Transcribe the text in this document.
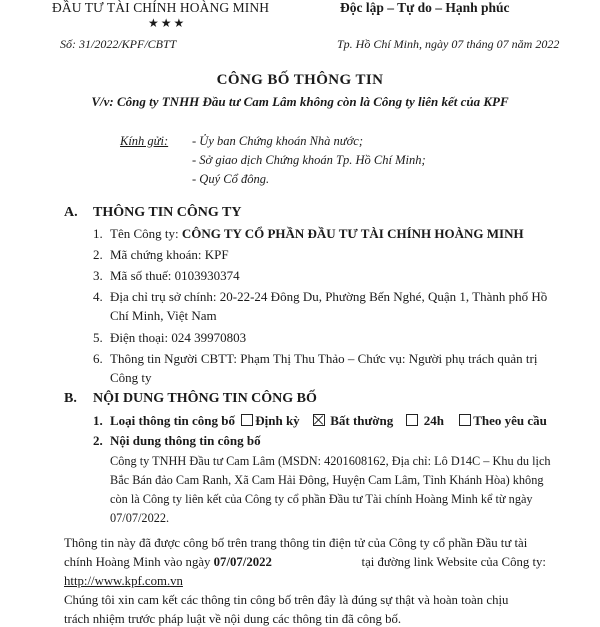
ĐẦU TƯ TÀI CHÍNH HOÀNG MINH	Độc lập – Tự do – Hạnh phúc
★★★
Số: 31/2022/KPF/CBTT	Tp. Hồ Chí Minh, ngày 07 tháng 07 năm 2022
CÔNG BỐ THÔNG TIN
V/v: Công ty TNHH Đầu tư Cam Lâm không còn là Công ty liên kết của KPF
Kính gửi: - Ủy ban Chứng khoán Nhà nước;
- Sở giao dịch Chứng khoán Tp. Hồ Chí Minh;
- Quý Cổ đông.
A. THÔNG TIN CÔNG TY
1. Tên Công ty: CÔNG TY CỔ PHẦN ĐẦU TƯ TÀI CHÍNH HOÀNG MINH
2. Mã chứng khoán: KPF
3. Mã số thuế: 0103930374
4. Địa chỉ trụ sở chính: 20-22-24 Đông Du, Phường Bến Nghé, Quận 1, Thành phố Hồ
Chí Minh, Việt Nam
5. Điện thoại: 024 39970803
6. Thông tin Người CBTT: Phạm Thị Thu Thảo – Chức vụ: Người phụ trách quản trị
Công ty
B. NỘI DUNG THÔNG TIN CÔNG BỐ
1. Loại thông tin công bố Định kỳ Bất thường 24h Theo yêu cầu
2. Nội dung thông tin công bố
Công ty TNHH Đầu tư Cam Lâm (MSDN: 4201608162, Địa chỉ: Lô D14C – Khu du lịch
Bắc Bán đảo Cam Ranh, Xã Cam Hải Đông, Huyện Cam Lâm, Tỉnh Khánh Hòa) không
còn là Công ty liên kết của Công ty cổ phần Đầu tư Tài chính Hoàng Minh kể từ ngày
07/07/2022.
Thông tin này đã được công bố trên trang thông tin điện tử của Công ty cổ phần Đầu tư tài
chính Hoàng Minh vào ngày 07/07/2022	tại đường link Website của Công ty:
http://www.kpf.com.vn
Chúng tôi xin cam kết các thông tin công bố trên đây là đúng sự thật và hoàn toàn chịu
trách nhiệm trước pháp luật về nội dung các thông tin đã công bố.
